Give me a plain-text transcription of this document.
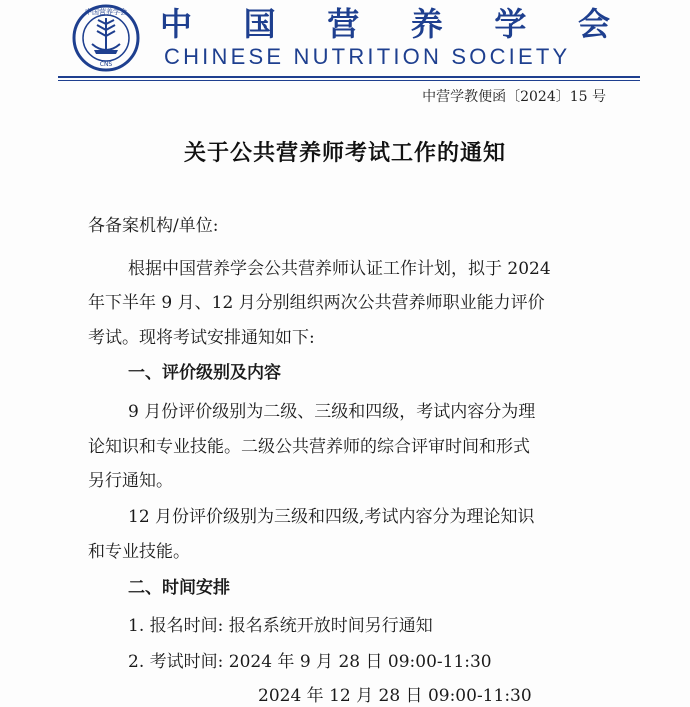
中国营养学会
CNS
中 国 营 养 学 会
CHINESE NUTRITION SOCIETY
中营学教便函〔2024〕15 号
关于公共营养师考试工作的通知
各备案机构/单位:
根据中国营养学会公共营养师认证工作计划，拟于 2024
年下半年 9 月、12 月分别组织两次公共营养师职业能力评价
考试。现将考试安排通知如下:
一、评价级别及内容
9 月份评价级别为二级、三级和四级，考试内容分为理
论知识和专业技能。二级公共营养师的综合评审时间和形式
另行通知。
12 月份评价级别为三级和四级,考试内容分为理论知识
和专业技能。
二、时间安排
1. 报名时间: 报名系统开放时间另行通知
2. 考试时间: 2024 年 9 月 28 日 09:00-11:30
2024 年 12 月 28 日 09:00-11:30
